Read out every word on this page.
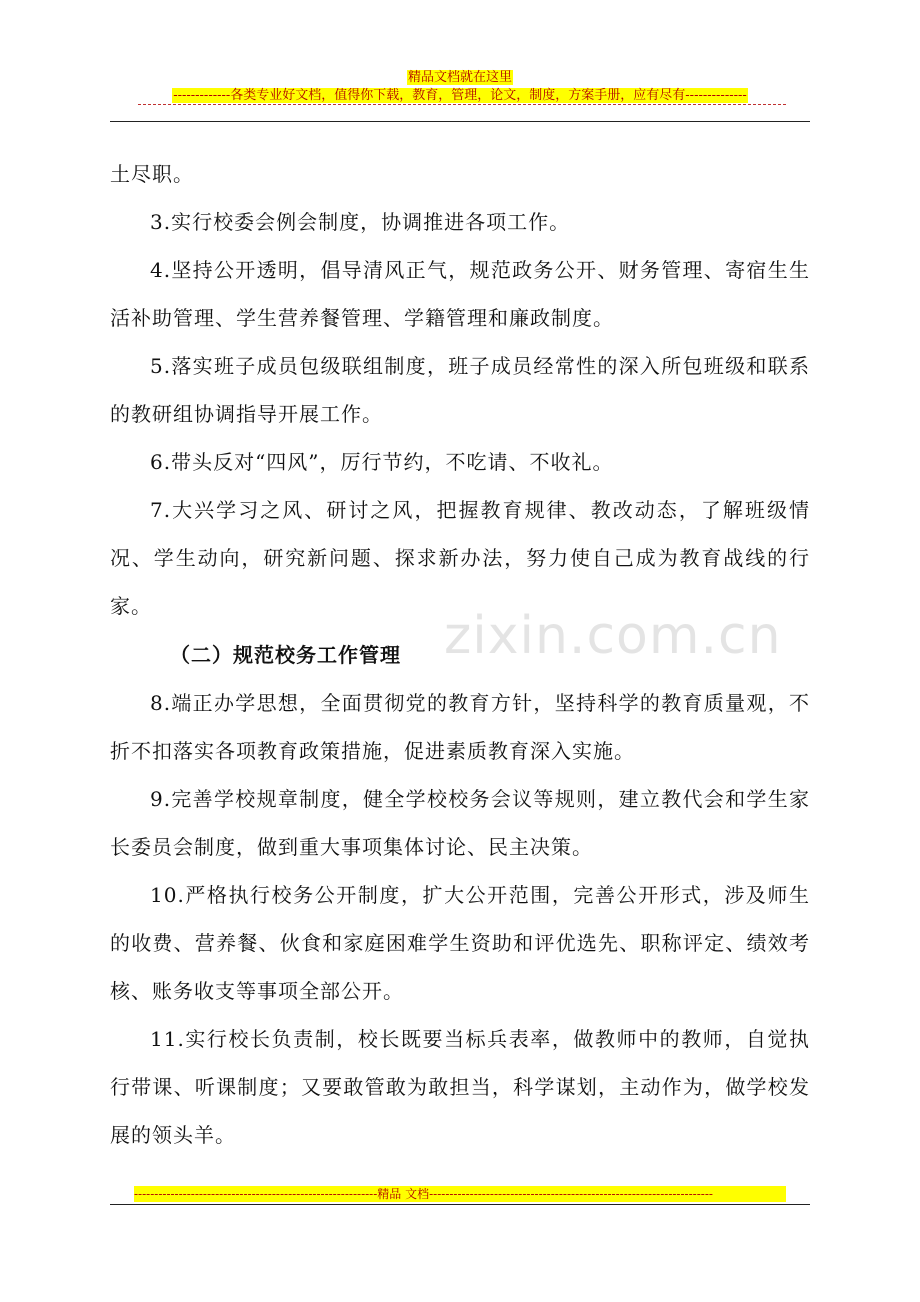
精品文档就在这里
-------------各类专业好文档，值得你下载，教育，管理，论文，制度，方案手册，应有尽有--------------
zixin.com.cn

土尽职。

3.实行校委会例会制度，协调推进各项工作。

4.坚持公开透明，倡导清风正气，规范政务公开、财务管理、寄宿生生活补助管理、学生营养餐管理、学籍管理和廉政制度。

5.落实班子成员包级联组制度，班子成员经常性的深入所包班级和联系的教研组协调指导开展工作。

6.带头反对“四风”，厉行节约，不吃请、不收礼。

7.大兴学习之风、研讨之风，把握教育规律、教改动态，了解班级情况、学生动向，研究新问题、探求新办法，努力使自己成为教育战线的行家。

（二）规范校务工作管理

8.端正办学思想，全面贯彻党的教育方针，坚持科学的教育质量观，不折不扣落实各项教育政策措施，促进素质教育深入实施。

9.完善学校规章制度，健全学校校务会议等规则，建立教代会和学生家长委员会制度，做到重大事项集体讨论、民主决策。

10.严格执行校务公开制度，扩大公开范围，完善公开形式，涉及师生的收费、营养餐、伙食和家庭困难学生资助和评优选先、职称评定、绩效考核、账务收支等事项全部公开。

11.实行校长负责制，校长既要当标兵表率，做教师中的教师，自觉执行带课、听课制度；又要敢管敢为敢担当，科学谋划，主动作为，做学校发展的领头羊。

------------------------------------------------------------精品 文档----------------------------------------------------------------------
